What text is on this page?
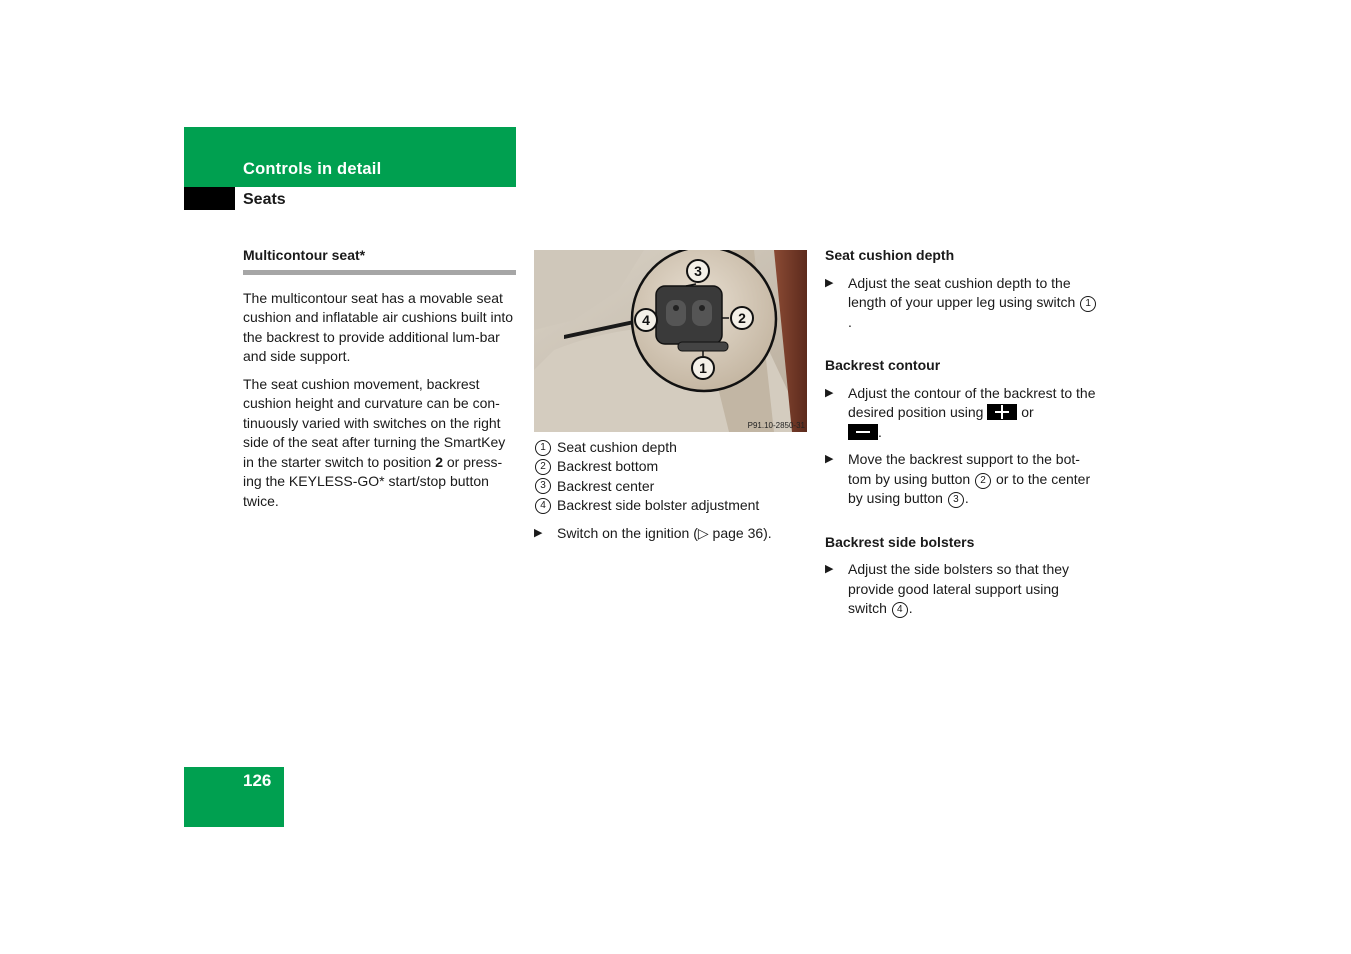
Controls in detail
Seats
Multicontour seat*

The multicontour seat has a movable seat cushion and inflatable air cushions built into the backrest to provide additional lum-bar and side support.

The seat cushion movement, backrest cushion height and curvature can be con-tinuously varied with switches on the right side of the seat after turning the SmartKey in the starter switch to position 2 or press-ing the KEYLESS-GO* start/stop button twice.

3
4	2
1
P91.10-2850-31
1 Seat cushion depth
2 Backrest bottom
3 Backrest center
4 Backrest side bolster adjustment
▶ Switch on the ignition (▷ page 36).
Seat cushion depth
▶ Adjust the seat cushion depth to the length of your upper leg using switch 1.
Backrest contour
▶ Adjust the contour of the backrest to the desired position using
or

.
▶ Move the backrest support to the bot-tom by using button 2 or to the center by using button 3 .
Backrest side bolsters
▶ Adjust the side bolsters so that they provide good lateral support using switch 4 .
126
